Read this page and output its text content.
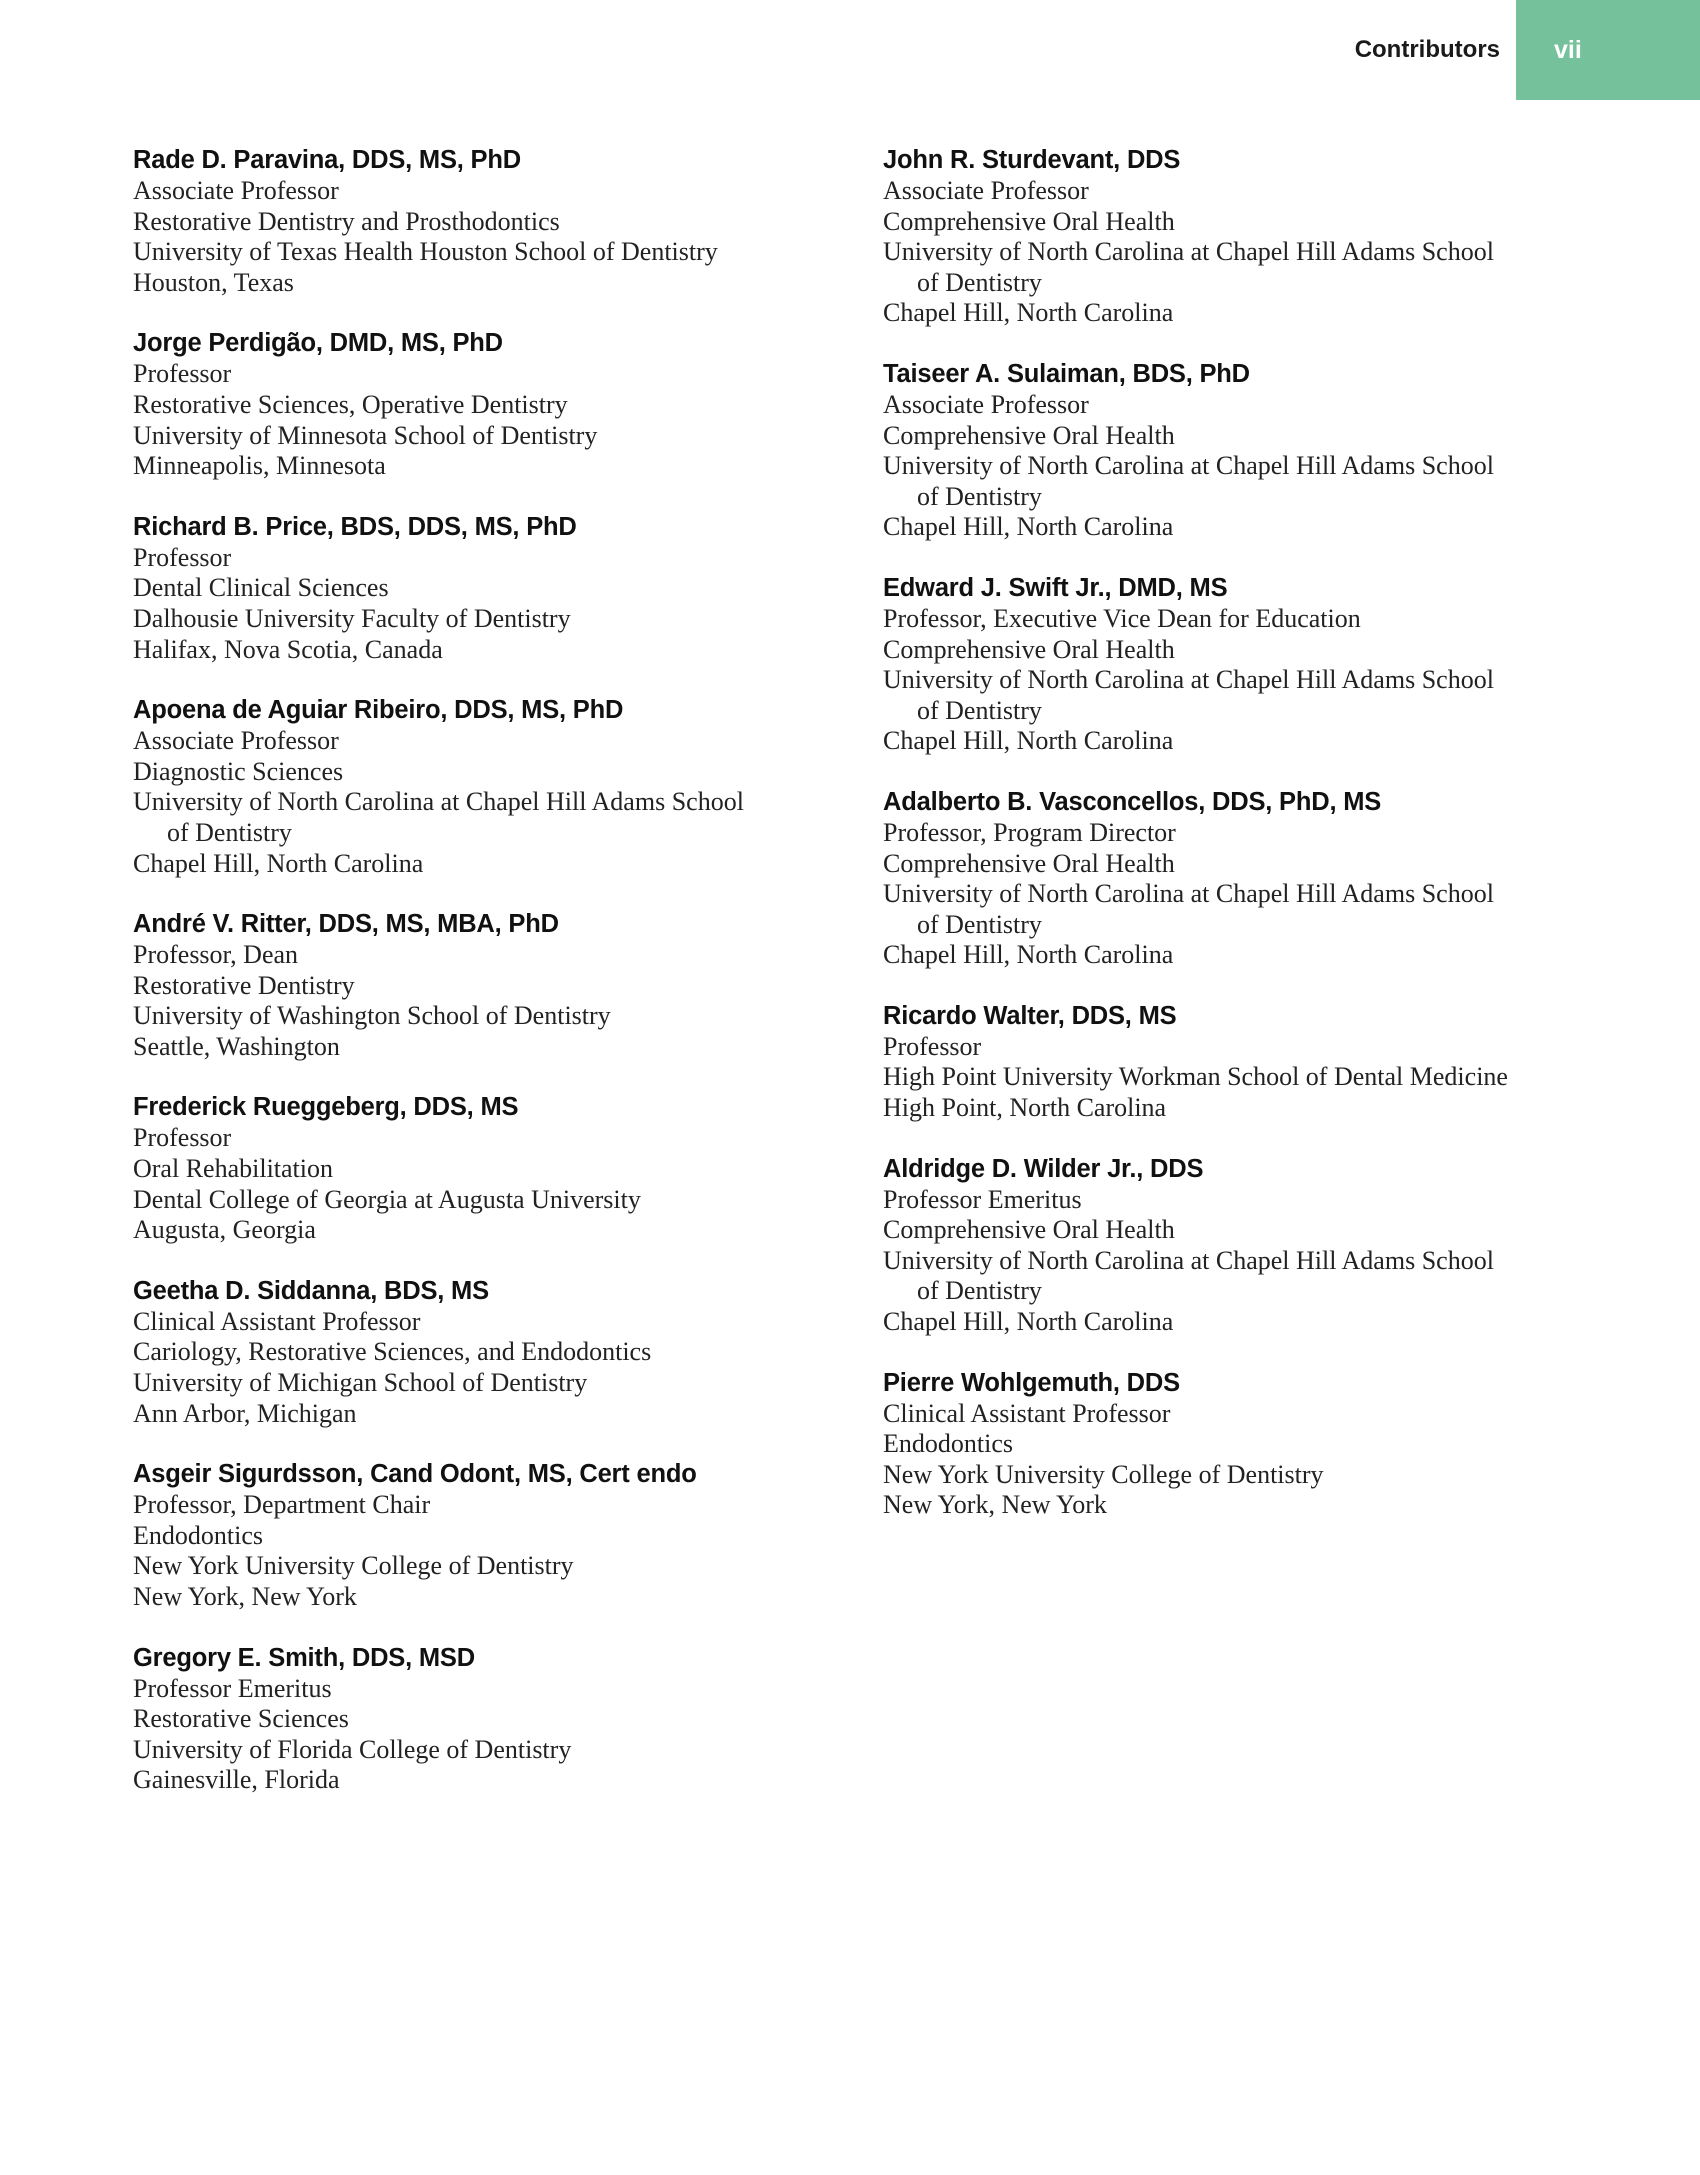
Contributors vii
Rade D. Paravina, DDS, MS, PhD
Associate Professor
Restorative Dentistry and Prosthodontics
University of Texas Health Houston School of Dentistry
Houston, Texas
Jorge Perdigão, DMD, MS, PhD
Professor
Restorative Sciences, Operative Dentistry
University of Minnesota School of Dentistry
Minneapolis, Minnesota
Richard B. Price, BDS, DDS, MS, PhD
Professor
Dental Clinical Sciences
Dalhousie University Faculty of Dentistry
Halifax, Nova Scotia, Canada
Apoena de Aguiar Ribeiro, DDS, MS, PhD
Associate Professor
Diagnostic Sciences
University of North Carolina at Chapel Hill Adams School
of Dentistry
Chapel Hill, North Carolina
André V. Ritter, DDS, MS, MBA, PhD
Professor, Dean
Restorative Dentistry
University of Washington School of Dentistry
Seattle, Washington
Frederick Rueggeberg, DDS, MS
Professor
Oral Rehabilitation
Dental College of Georgia at Augusta University
Augusta, Georgia
Geetha D. Siddanna, BDS, MS
Clinical Assistant Professor
Cariology, Restorative Sciences, and Endodontics
University of Michigan School of Dentistry
Ann Arbor, Michigan
Asgeir Sigurdsson, Cand Odont, MS, Cert endo
Professor, Department Chair
Endodontics
New York University College of Dentistry
New York, New York
Gregory E. Smith, DDS, MSD
Professor Emeritus
Restorative Sciences
University of Florida College of Dentistry
Gainesville, Florida
John R. Sturdevant, DDS
Associate Professor
Comprehensive Oral Health
University of North Carolina at Chapel Hill Adams School
of Dentistry
Chapel Hill, North Carolina
Taiseer A. Sulaiman, BDS, PhD
Associate Professor
Comprehensive Oral Health
University of North Carolina at Chapel Hill Adams School
of Dentistry
Chapel Hill, North Carolina
Edward J. Swift Jr., DMD, MS
Professor, Executive Vice Dean for Education
Comprehensive Oral Health
University of North Carolina at Chapel Hill Adams School
of Dentistry
Chapel Hill, North Carolina
Adalberto B. Vasconcellos, DDS, PhD, MS
Professor, Program Director
Comprehensive Oral Health
University of North Carolina at Chapel Hill Adams School
of Dentistry
Chapel Hill, North Carolina
Ricardo Walter, DDS, MS
Professor
High Point University Workman School of Dental Medicine
High Point, North Carolina
Aldridge D. Wilder Jr., DDS
Professor Emeritus
Comprehensive Oral Health
University of North Carolina at Chapel Hill Adams School
of Dentistry
Chapel Hill, North Carolina
Pierre Wohlgemuth, DDS
Clinical Assistant Professor
Endodontics
New York University College of Dentistry
New York, New York
